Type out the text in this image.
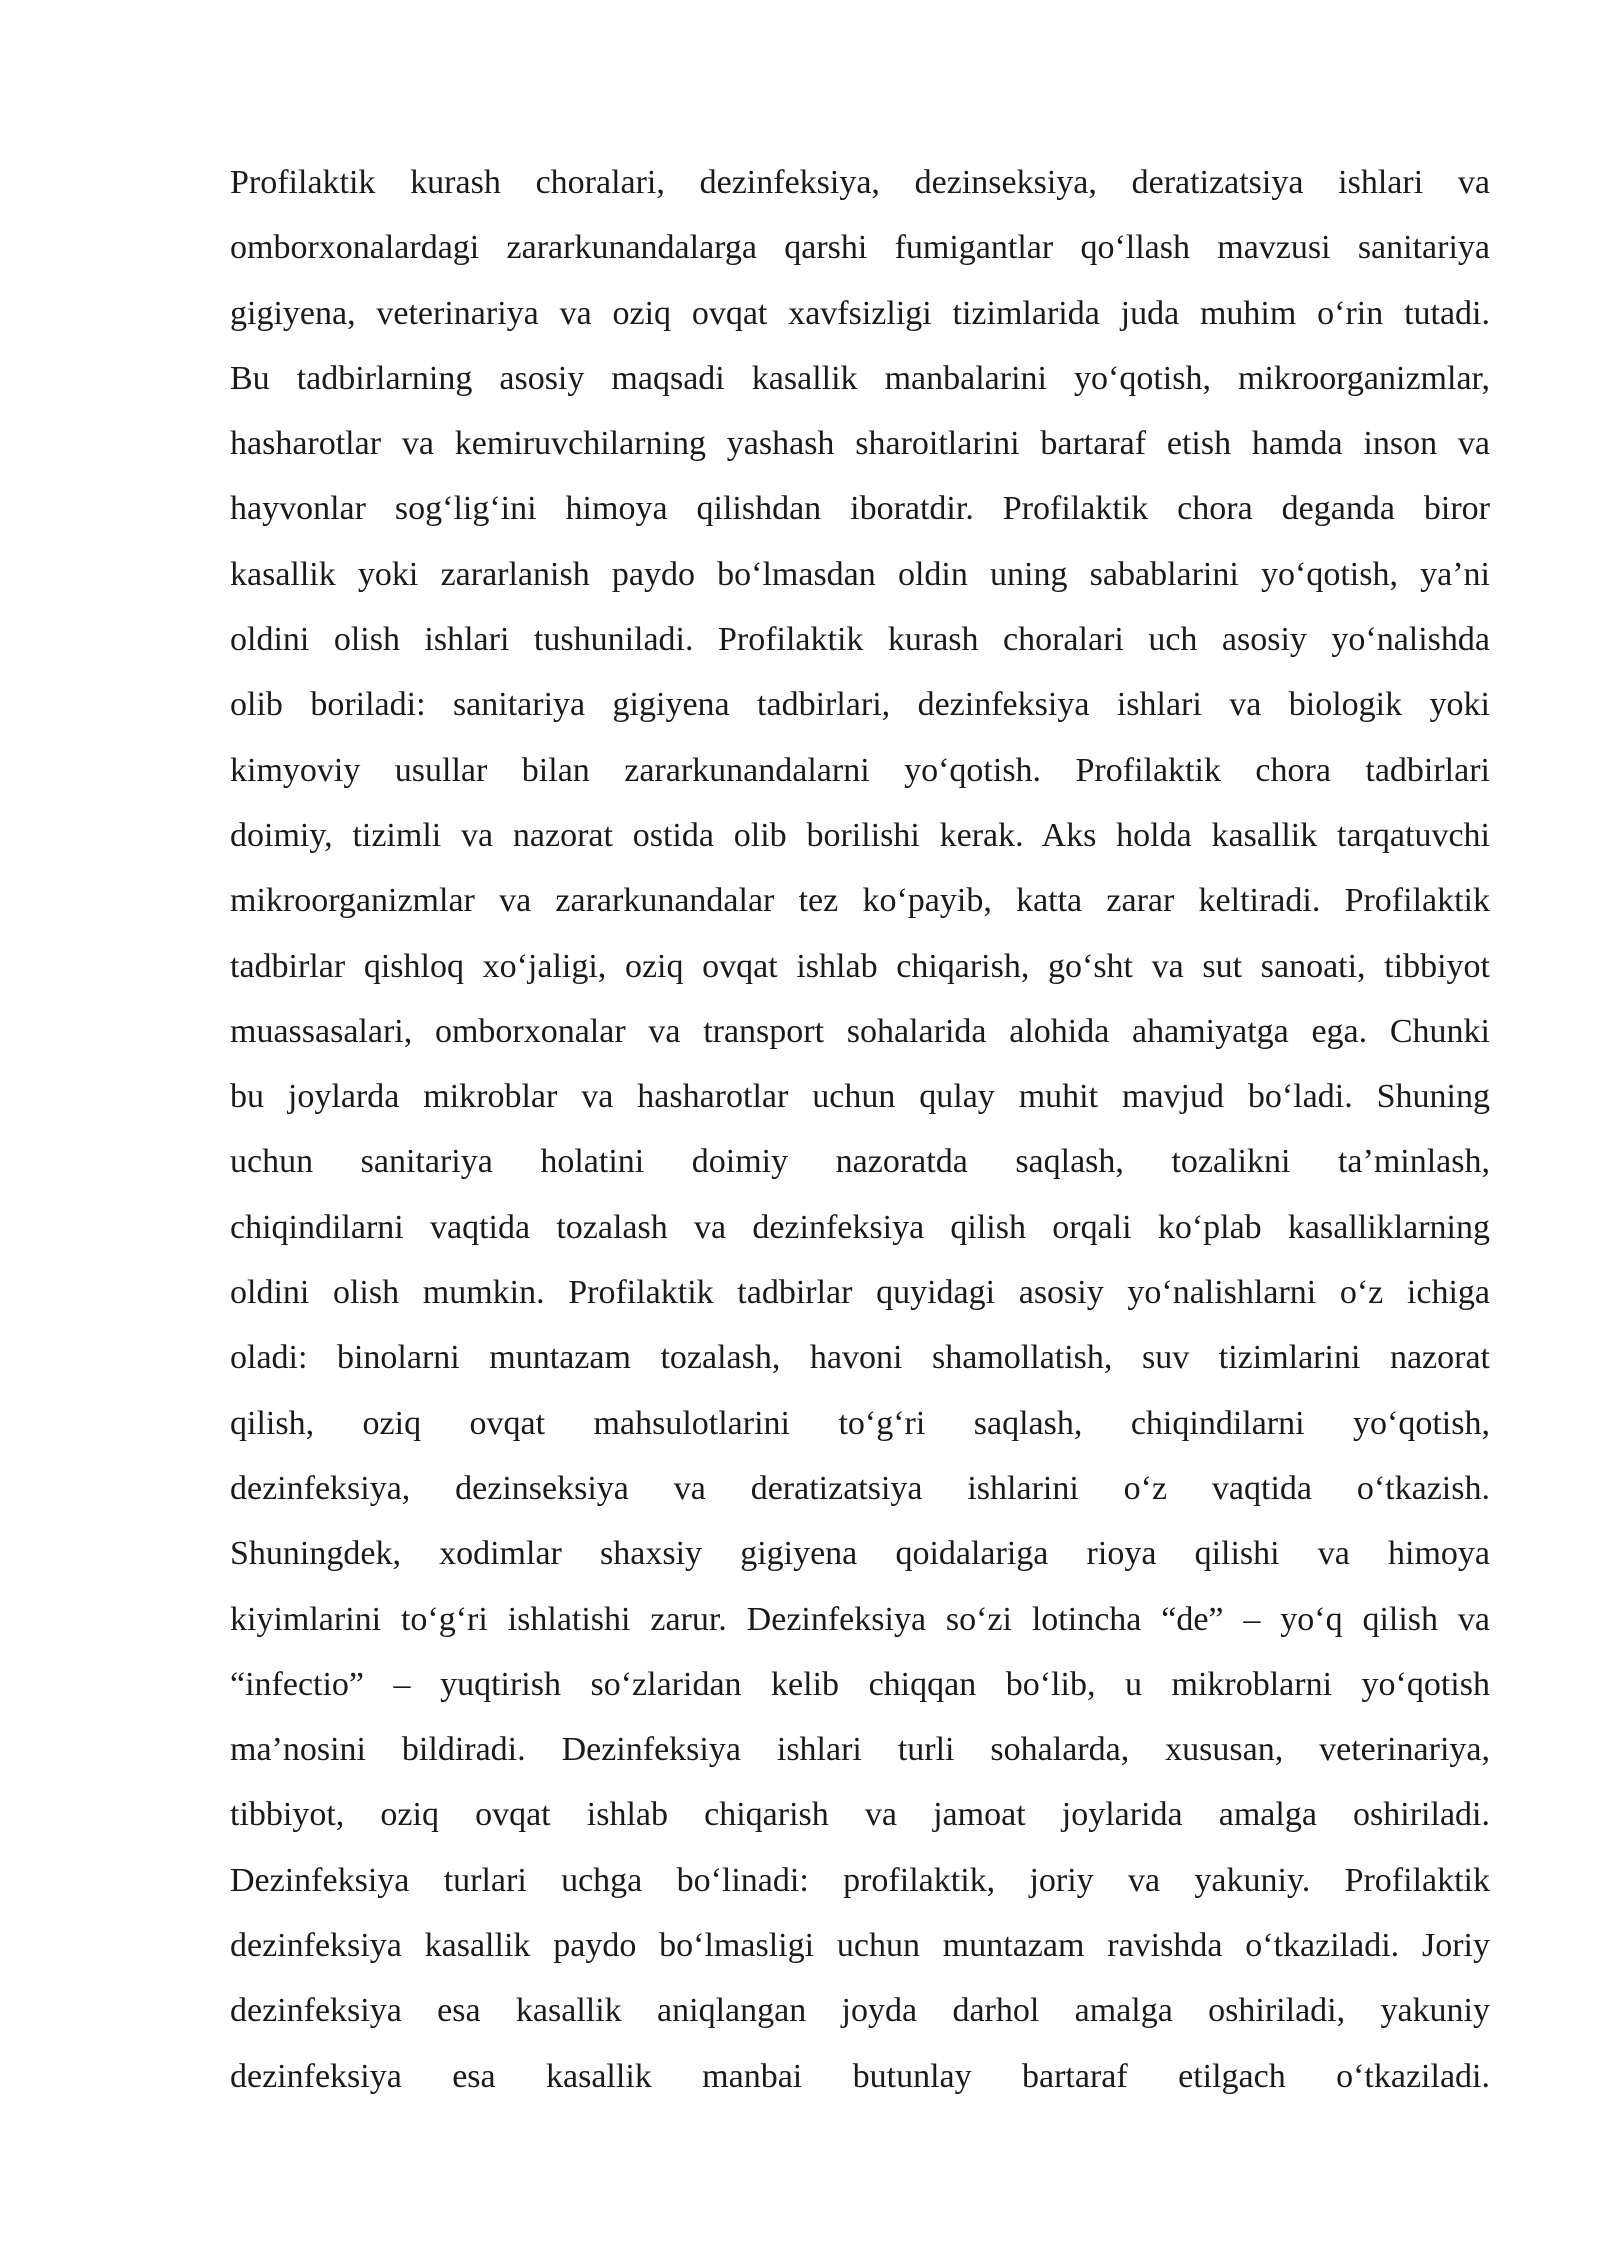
Profilaktik kurash choralari, dezinfeksiya, dezinseksiya, deratizatsiya ishlari va
omborxonalardagi zararkunandalarga qarshi fumigantlar qo‘llash mavzusi sanitariya
gigiyena, veterinariya va oziq ovqat xavfsizligi tizimlarida juda muhim o‘rin tutadi.
Bu tadbirlarning asosiy maqsadi kasallik manbalarini yo‘qotish, mikroorganizmlar,
hasharotlar va kemiruvchilarning yashash sharoitlarini bartaraf etish hamda inson va
hayvonlar sog‘lig‘ini himoya qilishdan iboratdir. Profilaktik chora deganda biror
kasallik yoki zararlanish paydo bo‘lmasdan oldin uning sabablarini yo‘qotish, ya’ni
oldini olish ishlari tushuniladi. Profilaktik kurash choralari uch asosiy yo‘nalishda
olib boriladi: sanitariya gigiyena tadbirlari, dezinfeksiya ishlari va biologik yoki
kimyoviy usullar bilan zararkunandalarni yo‘qotish. Profilaktik chora tadbirlari
doimiy, tizimli va nazorat ostida olib borilishi kerak. Aks holda kasallik tarqatuvchi
mikroorganizmlar va zararkunandalar tez ko‘payib, katta zarar keltiradi. Profilaktik
tadbirlar qishloq xo‘jaligi, oziq ovqat ishlab chiqarish, go‘sht va sut sanoati, tibbiyot
muassasalari, omborxonalar va transport sohalarida alohida ahamiyatga ega. Chunki
bu joylarda mikroblar va hasharotlar uchun qulay muhit mavjud bo‘ladi. Shuning
uchun sanitariya holatini doimiy nazoratda saqlash, tozalikni ta’minlash,
chiqindilarni vaqtida tozalash va dezinfeksiya qilish orqali ko‘plab kasalliklarning
oldini olish mumkin. Profilaktik tadbirlar quyidagi asosiy yo‘nalishlarni o‘z ichiga
oladi: binolarni muntazam tozalash, havoni shamollatish, suv tizimlarini nazorat
qilish, oziq ovqat mahsulotlarini to‘g‘ri saqlash, chiqindilarni yo‘qotish,
dezinfeksiya, dezinseksiya va deratizatsiya ishlarini o‘z vaqtida o‘tkazish.
Shuningdek, xodimlar shaxsiy gigiyena qoidalariga rioya qilishi va himoya
kiyimlarini to‘g‘ri ishlatishi zarur. Dezinfeksiya so‘zi lotincha “de” – yo‘q qilish va
“infectio” – yuqtirish so‘zlaridan kelib chiqqan bo‘lib, u mikroblarni yo‘qotish
ma’nosini bildiradi. Dezinfeksiya ishlari turli sohalarda, xususan, veterinariya,
tibbiyot, oziq ovqat ishlab chiqarish va jamoat joylarida amalga oshiriladi.
Dezinfeksiya turlari uchga bo‘linadi: profilaktik, joriy va yakuniy. Profilaktik
dezinfeksiya kasallik paydo bo‘lmasligi uchun muntazam ravishda o‘tkaziladi. Joriy
dezinfeksiya esa kasallik aniqlangan joyda darhol amalga oshiriladi, yakuniy
dezinfeksiya esa kasallik manbai butunlay bartaraf etilgach o‘tkaziladi.
